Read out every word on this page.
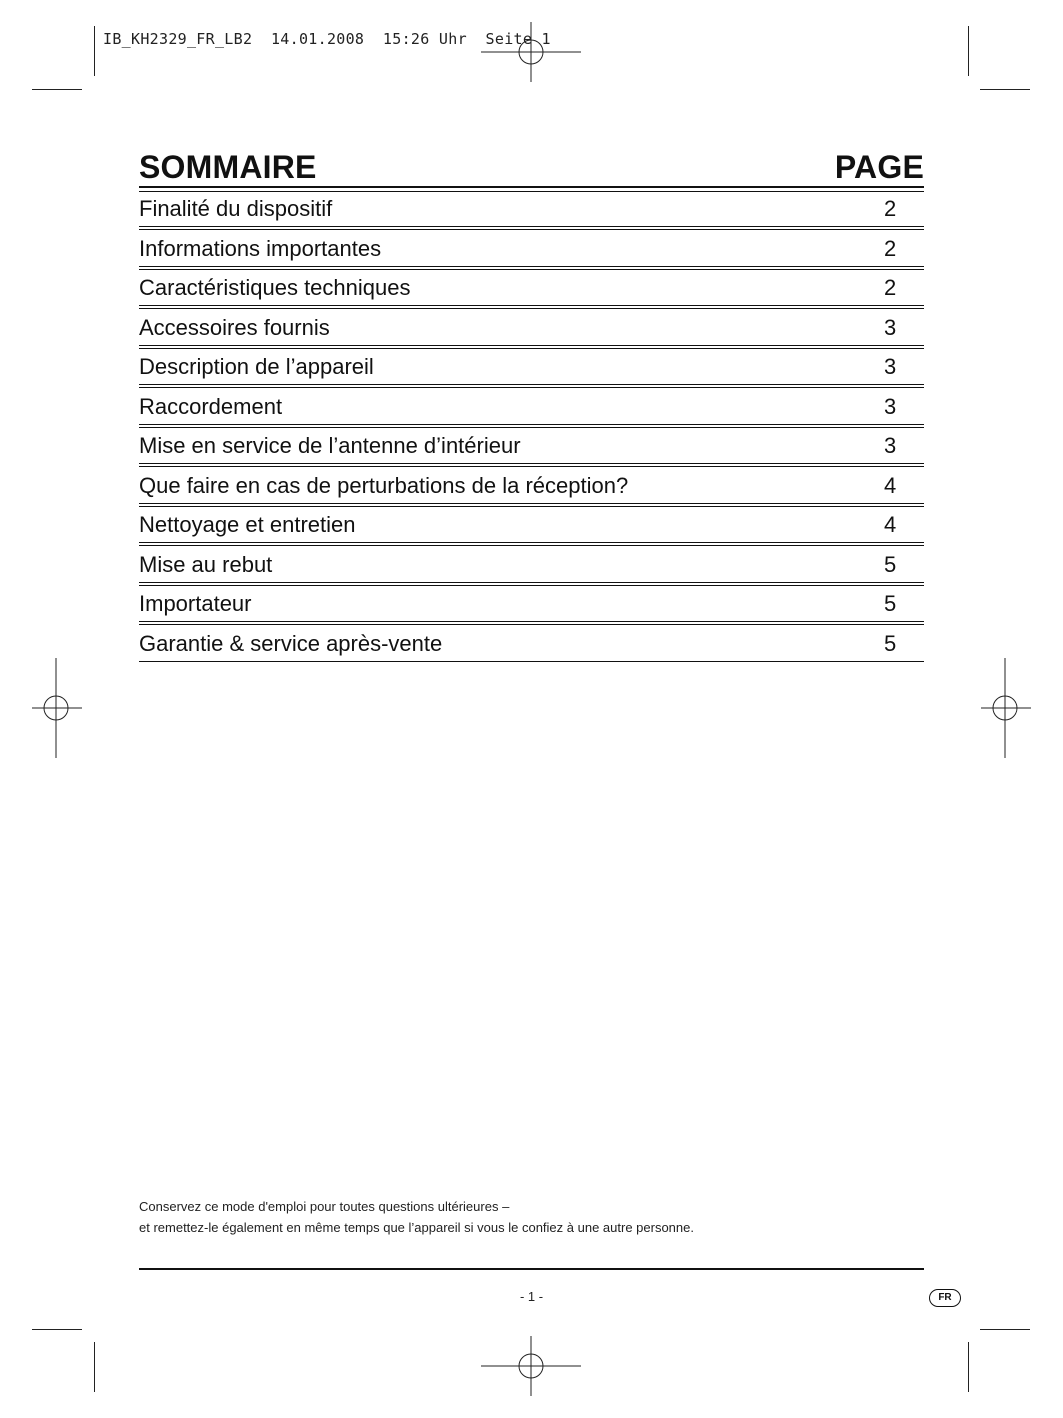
IB_KH2329_FR_LB2  14.01.2008  15:26 Uhr  Seite 1
SOMMAIRE	PAGE
Finalité du dispositif	2
Informations importantes	2
Caractéristiques techniques	2
Accessoires fournis	3
Description de l’appareil	3
Raccordement	3
Mise en service de l’antenne d’intérieur	3
Que faire en cas de perturbations de la réception?	4
Nettoyage et entretien	4
Mise au rebut	5
Importateur	5
Garantie & service après-vente	5
Conservez ce mode d'emploi pour toutes questions ultérieures –
et remettez-le également en même temps que l’appareil si vous le confiez à une autre personne.
- 1 -	FR
